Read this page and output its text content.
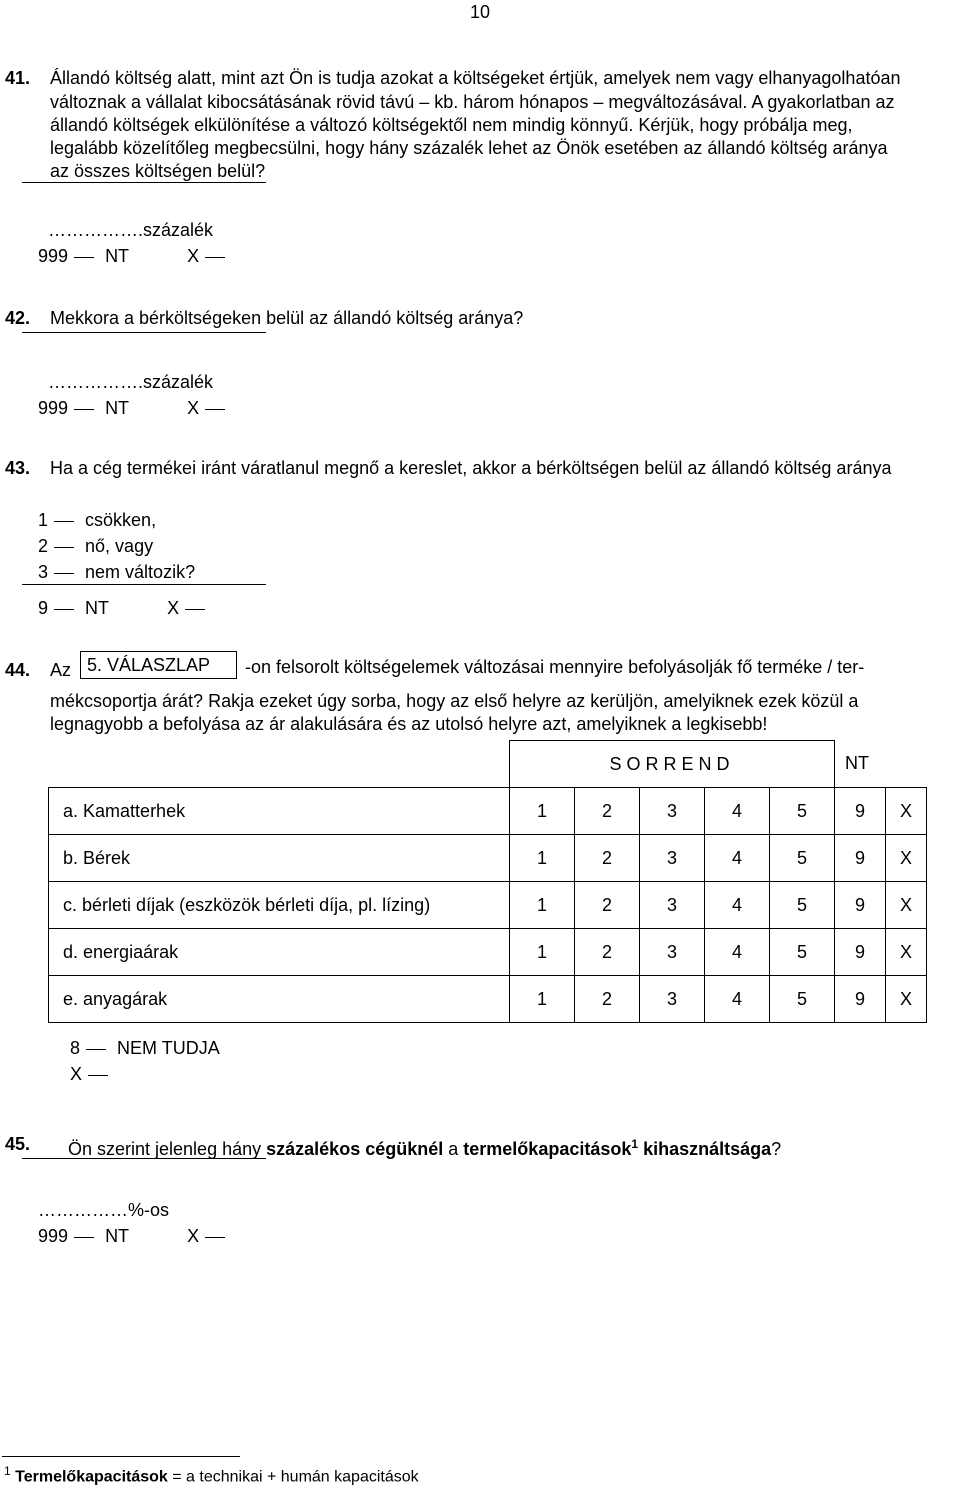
10
41. Állandó költség alatt, mint azt Ön is tudja azokat a költségeket értjük, amelyek nem vagy elhanyagolhatóan
változnak a vállalat kibocsátásának rövid távú – kb. három hónapos – megváltozásával. A gyakorlatban az
állandó költségek elkülönítése a változó költségektől nem mindig könnyű. Kérjük, hogy próbálja meg,
legalább közelítőleg megbecsülni, hogy hány százalék lehet az Önök esetében az állandó költség aránya
az összes költségen belül?
…………….százalék
999 NT	X
42. Mekkora a bérköltségeken belül az állandó költség aránya?
…………….százalék
999 NT	X
43. Ha a cég termékei iránt váratlanul megnő a kereslet, akkor a bérköltségen belül az állandó költség aránya
1 csökken,
2 nő, vagy
3 nem változik?
9 NT	X
44. Az 5. VÁLASZLAP	-on felsorolt költségelemek változásai mennyire befolyásolják fő terméke / ter-
mékcsoportja árát? Rakja ezeket úgy sorba, hogy az első helyre az kerüljön, amelyiknek ezek közül a
legnagyobb a befolyása az ár alakulására és az utolsó helyre azt, amelyiknek a legkisebb!
	SORREND					NT	
a. Kamatterhek	1	2	3	4	5	9	X
b. Bérek	1	2	3	4	5	9	X
c. bérleti díjak (eszközök bérleti díja, pl. lízing)	1	2	3	4	5	9	X
d. energiaárak	1	2	3	4	5	9	X
e. anyagárak	1	2	3	4	5	9	X
8 NEM TUDJA
X
45. Ön szerint jelenleg hány százalékos cégüknél a termelőkapacitások$^1$ kihasználtsága?
……………%-os
999 NT	X
$^1$ Termelőkapacitások = a technikai + humán kapacitások
